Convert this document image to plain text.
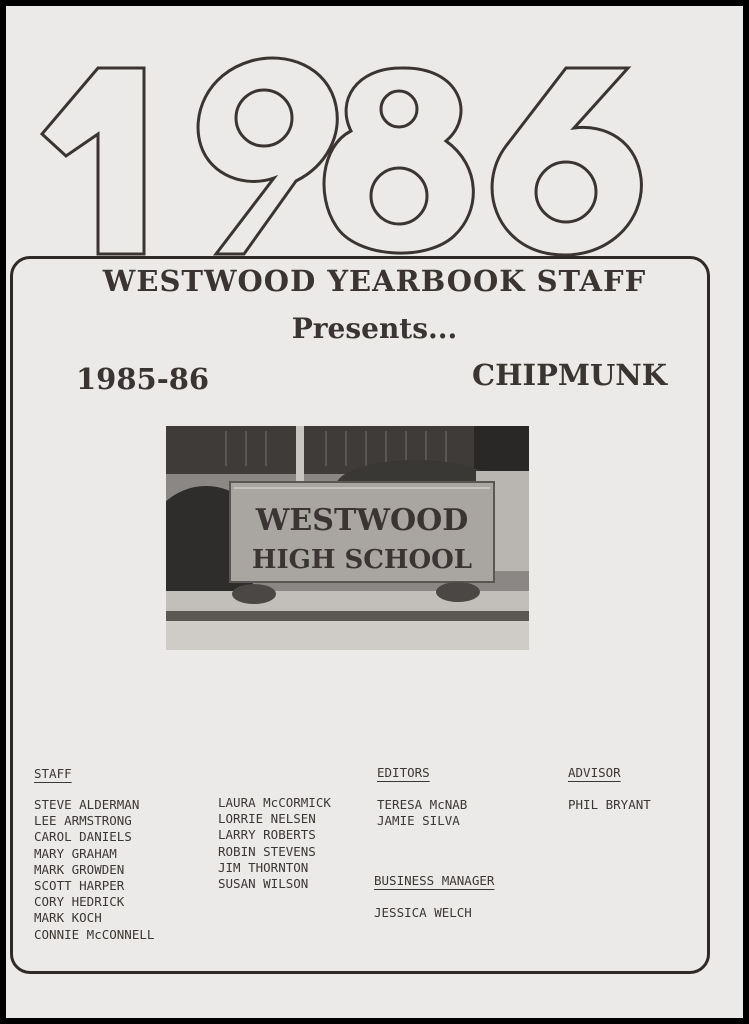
WESTWOOD YEARBOOK STAFF
Presents...
1985-86	CHIPMUNK
WESTWOOD
HIGH SCHOOL
STAFF
STEVE ALDERMAN
LEE ARMSTRONG
CAROL DANIELS
MARY GRAHAM
MARK GROWDEN
SCOTT HARPER
CORY HEDRICK
MARK KOCH
CONNIE McCONNELL
LAURA McCORMICK
LORRIE NELSEN
LARRY ROBERTS
ROBIN STEVENS
JIM THORNTON
SUSAN WILSON
EDITORS
TERESA McNAB
JAMIE SILVA
BUSINESS MANAGER
JESSICA WELCH
ADVISOR
PHIL BRYANT
